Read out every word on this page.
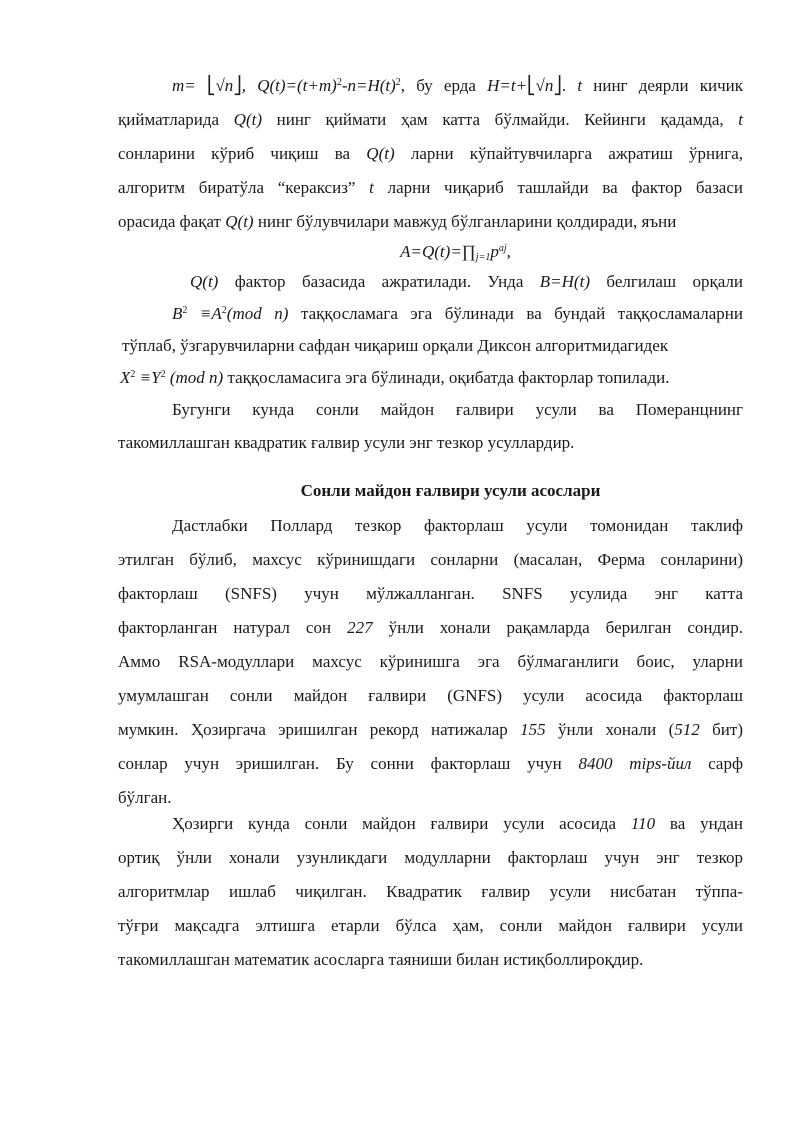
m= ⎣√n⎦, $Q(t)=(t+m)^2-n=H(t)^2$, бу ерда H=t+⎣√n⎦. t нинг деярли кичик
қийматларида Q(t) нинг қиймати ҳам катта бўлмайди. Кейинги қадамда, t
сонларини кўриб чиқиш ва Q(t) ларни кўпайтувчиларга ажратиш ўрнига,
алгоритм биратўла “кераксиз” t ларни чиқариб ташлайди ва фактор базаси
орасида фақат Q(t) нинг бўлувчилари мавжуд бўлганларини қолдиради, яъни
$A=Q(t)=\prod_{j=1}p^{aj}$,
Q(t) фактор базасида ажратилади. Унда B=H(t) белгилаш орқали
$B^2 \equiv A^2(mod$ n) таққосламага эга бўлинади ва бундай таққосламаларни
тўплаб, ўзгарувчиларни сафдан чиқариш орқали Диксон алгоритмидагидек
$X^2 \equiv Y^2$ (mod n) таққосламасига эга бўлинади, оқибатда факторлар топилади.
Бугунги кунда сонли майдон ғалвири усули ва Померанцнинг
такомиллашган квадратик ғалвир усули энг тезкор усуллардир.
Сонли майдон ғалвири усули асослари
Дастлабки Поллард тезкор факторлаш усули томонидан таклиф
этилган бўлиб, махсус кўринишдаги сонларни (масалан, Ферма сонларини)
факторлаш (SNFS) учун мўлжалланган. SNFS усулида энг катта
факторланган натурал сон 227 ўнли хонали рақамларда берилган сондир.
Аммо RSA-модуллари махсус кўринишга эга бўлмаганлиги боис, уларни
умумлашган сонли майдон ғалвири (GNFS) усули асосида факторлаш
мумкин. Ҳозиргача эришилган рекорд натижалар 155 ўнли хонали (512 бит)
сонлар учун эришилган. Бу сонни факторлаш учун 8400 mips-йил сарф
бўлган.
Ҳозирги кунда сонли майдон ғалвири усули асосида 110 ва ундан
ортиқ ўнли хонали узунликдаги модулларни факторлаш учун энг тезкор
алгоритмлар ишлаб чиқилган. Квадратик ғалвир усули нисбатан тўппа-
тўғри мақсадга элтишга етарли бўлса ҳам, сонли майдон ғалвири усули
такомиллашган математик асосларга таяниши билан истиқболлироқдир.
